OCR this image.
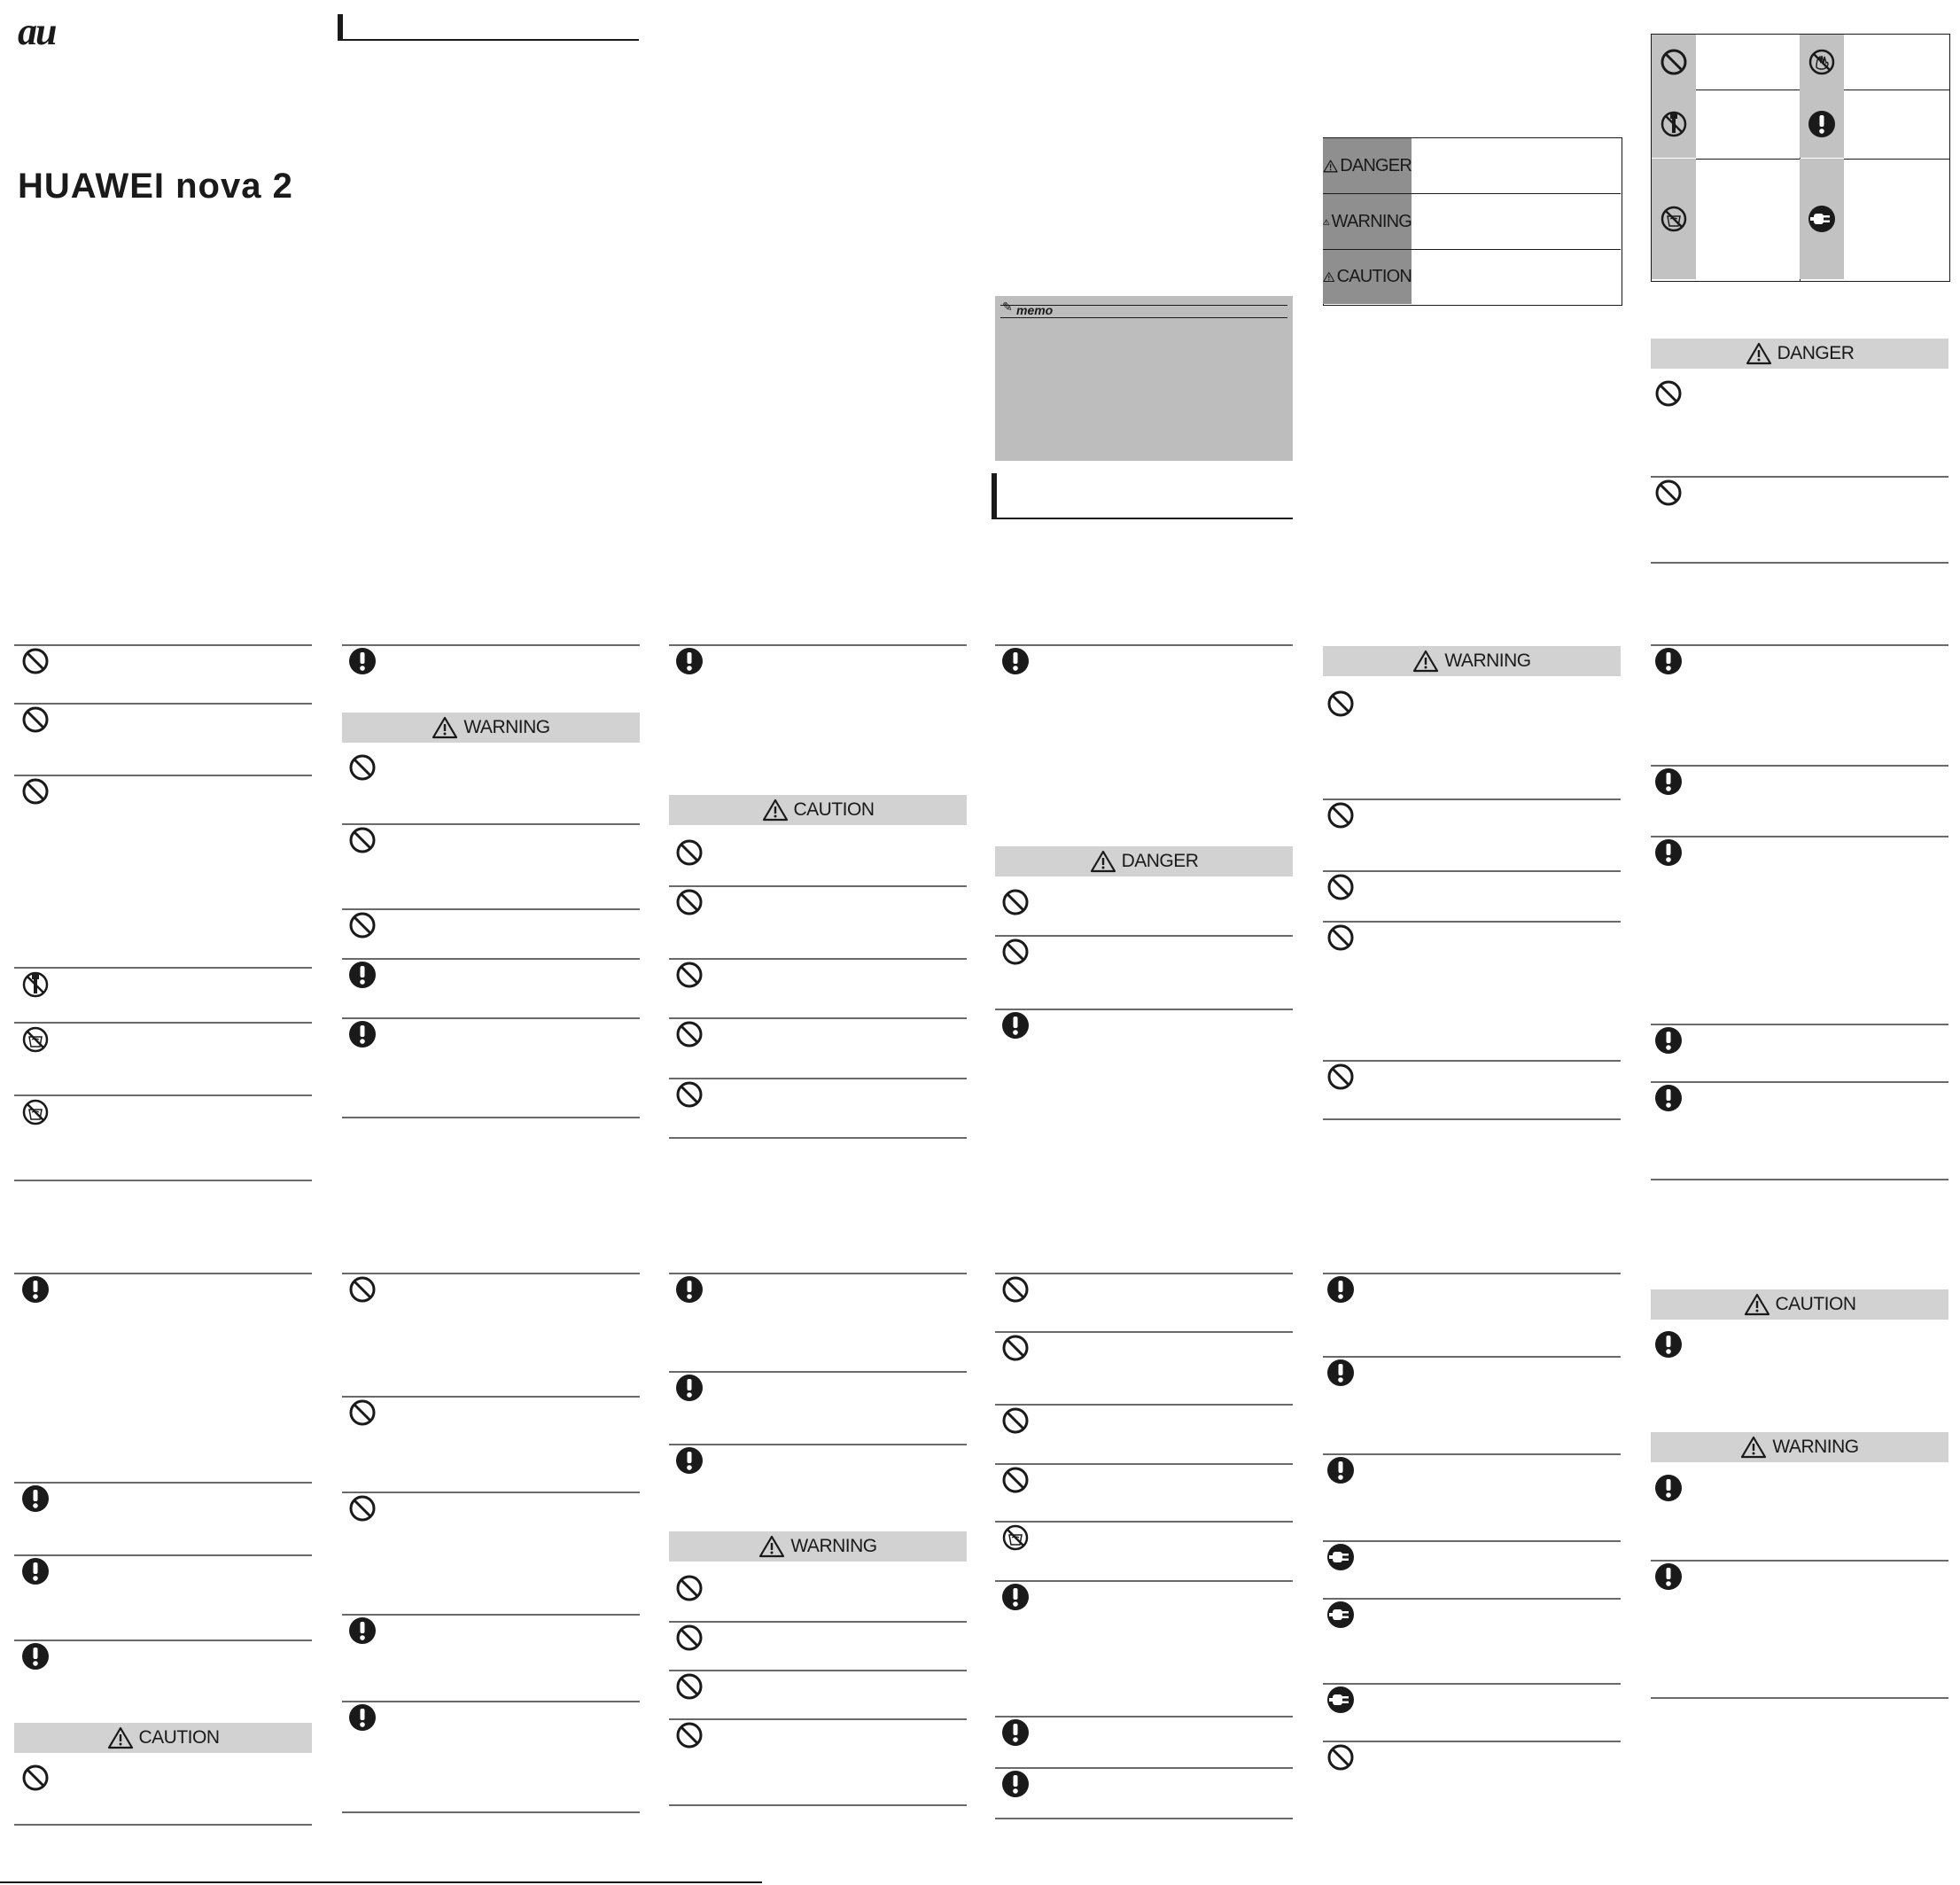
au
HUAWEI nova 2
✎ memo
DANGER
WARNING
CAUTION
DANGER
WARNING
WARNING
CAUTION
DANGER
CAUTION
WARNING
CAUTION
WARNING
